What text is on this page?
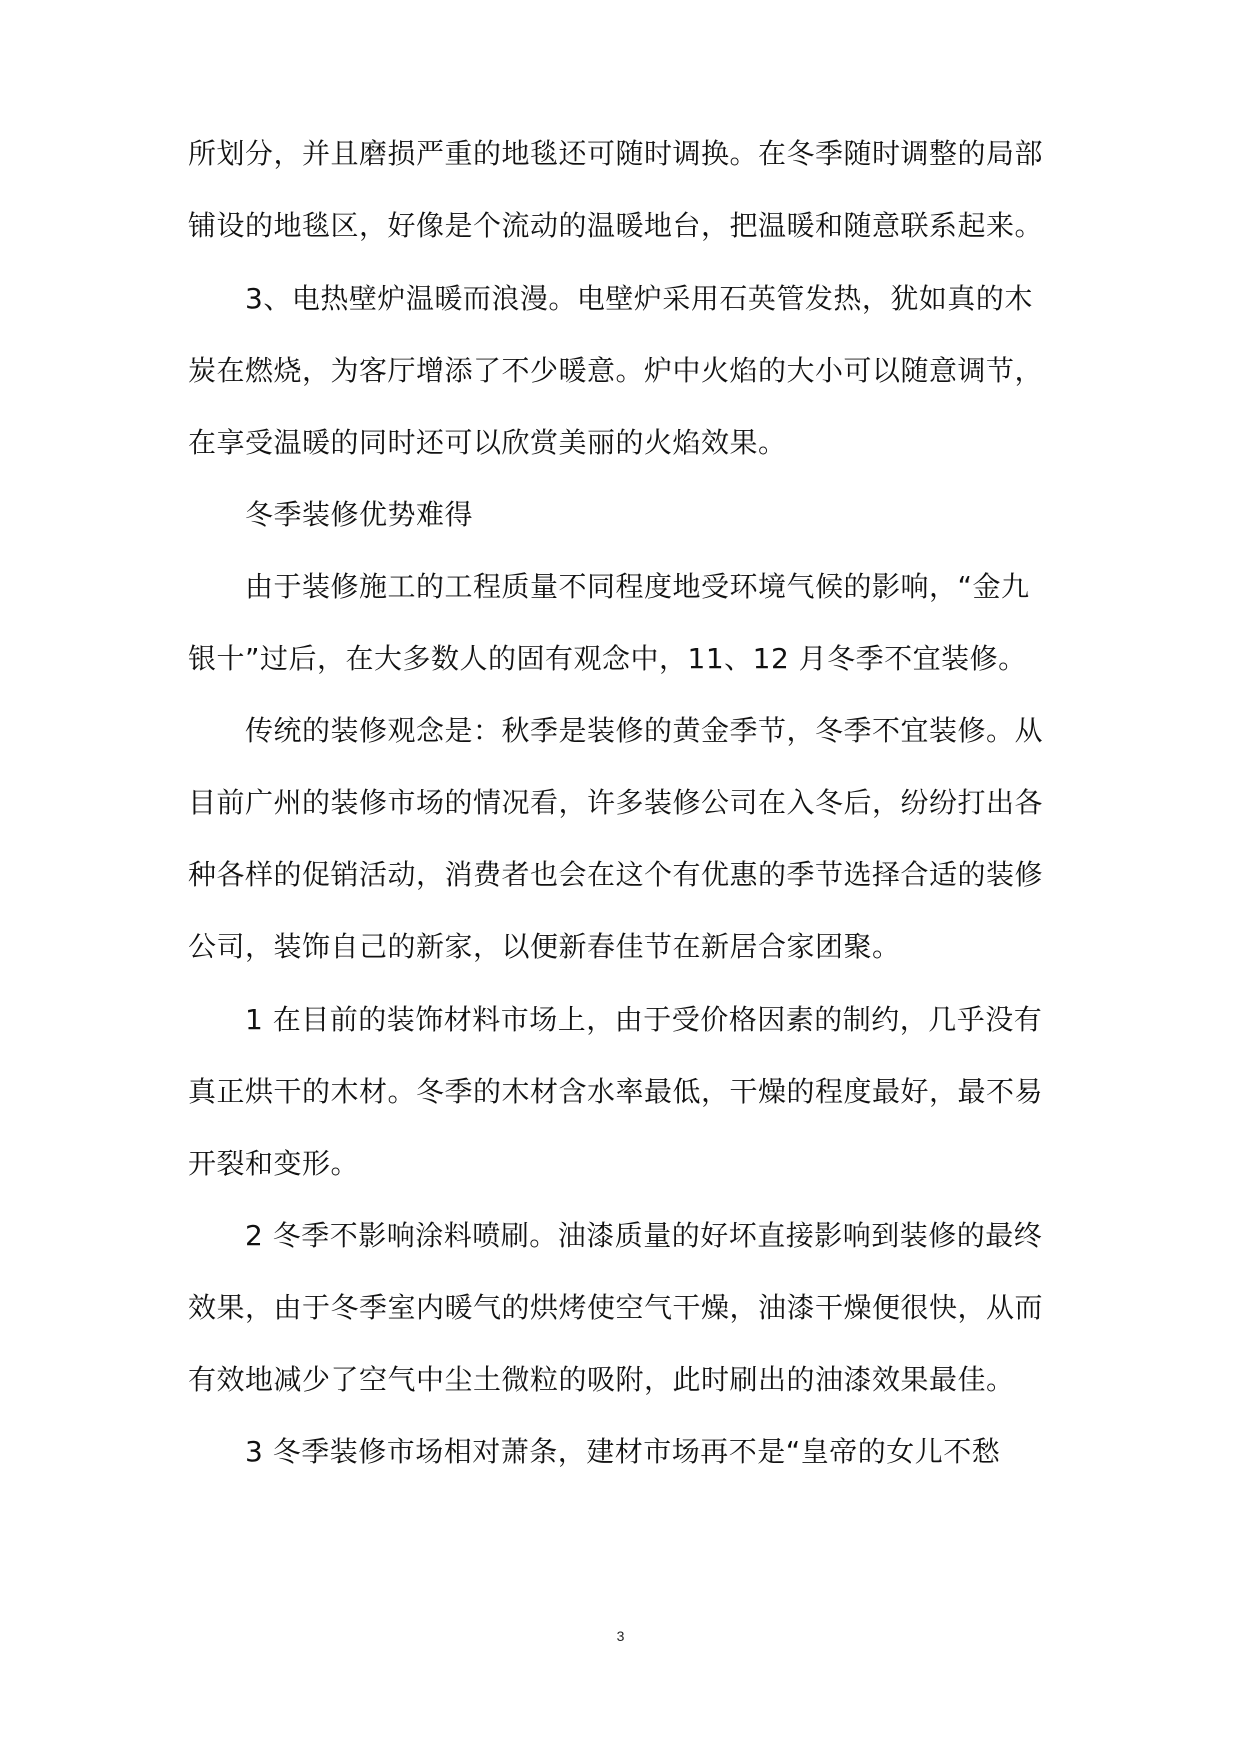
所划分，并且磨损严重的地毯还可随时调换。在冬季随时调整的局部
铺设的地毯区，好像是个流动的温暖地台，把温暖和随意联系起来。
3、电热壁炉温暖而浪漫。电壁炉采用石英管发热，犹如真的木
炭在燃烧，为客厅增添了不少暖意。炉中火焰的大小可以随意调节，
在享受温暖的同时还可以欣赏美丽的火焰效果。
冬季装修优势难得
由于装修施工的工程质量不同程度地受环境气候的影响，“金九
银十”过后，在大多数人的固有观念中，11、12 月冬季不宜装修。
传统的装修观念是：秋季是装修的黄金季节，冬季不宜装修。从
目前广州的装修市场的情况看，许多装修公司在入冬后，纷纷打出各
种各样的促销活动，消费者也会在这个有优惠的季节选择合适的装修
公司，装饰自己的新家，以便新春佳节在新居合家团聚。
1 在目前的装饰材料市场上，由于受价格因素的制约，几乎没有
真正烘干的木材。冬季的木材含水率最低，干燥的程度最好，最不易
开裂和变形。
2 冬季不影响涂料喷刷。油漆质量的好坏直接影响到装修的最终
效果，由于冬季室内暖气的烘烤使空气干燥，油漆干燥便很快，从而
有效地减少了空气中尘土微粒的吸附，此时刷出的油漆效果最佳。
3 冬季装修市场相对萧条，建材市场再不是“皇帝的女儿不愁
3
